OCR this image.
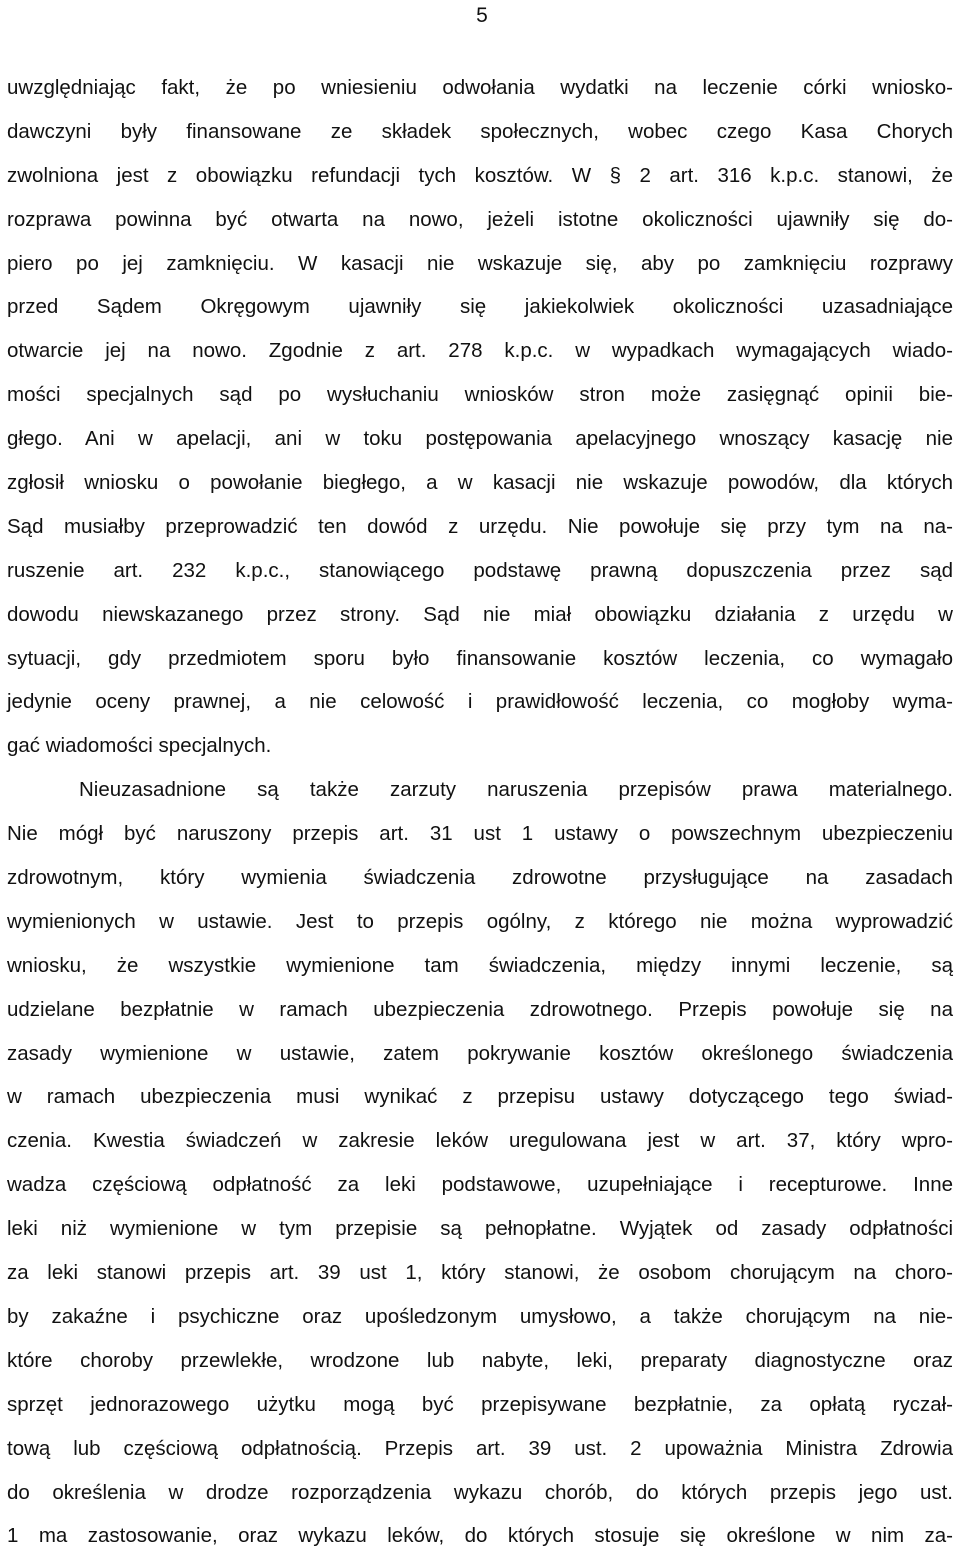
5
uwzględniając fakt, że po wniesieniu odwołania wydatki na leczenie córki wniosko-
dawczyni były finansowane ze składek społecznych, wobec czego Kasa Chorych
zwolniona jest z obowiązku refundacji tych kosztów. W § 2 art. 316 k.p.c. stanowi, że
rozprawa powinna być otwarta na nowo, jeżeli istotne okoliczności ujawniły się do-
piero po jej zamknięciu. W kasacji nie wskazuje się, aby po zamknięciu rozprawy
przed Sądem Okręgowym ujawniły się jakiekolwiek okoliczności uzasadniające
otwarcie jej na nowo. Zgodnie z art. 278 k.p.c. w wypadkach wymagających wiado-
mości specjalnych sąd po wysłuchaniu wniosków stron może zasięgnąć opinii bie-
głego. Ani w apelacji, ani w toku postępowania apelacyjnego wnoszący kasację nie
zgłosił wniosku o powołanie biegłego, a w kasacji nie wskazuje powodów, dla których
Sąd musiałby przeprowadzić ten dowód z urzędu. Nie powołuje się przy tym na na-
ruszenie art. 232 k.p.c., stanowiącego podstawę prawną dopuszczenia przez sąd
dowodu niewskazanego przez strony. Sąd nie miał obowiązku działania z urzędu w
sytuacji, gdy przedmiotem sporu było finansowanie kosztów leczenia, co wymagało
jedynie oceny prawnej, a nie celowość i prawidłowość leczenia, co mogłoby wyma-
gać wiadomości specjalnych.
Nieuzasadnione są także zarzuty naruszenia przepisów prawa materialnego.
Nie mógł być naruszony przepis art. 31 ust 1 ustawy o powszechnym ubezpieczeniu
zdrowotnym, który wymienia świadczenia zdrowotne przysługujące na zasadach
wymienionych w ustawie. Jest to przepis ogólny, z którego nie można wyprowadzić
wniosku, że wszystkie wymienione tam świadczenia, między innymi leczenie, są
udzielane bezpłatnie w ramach ubezpieczenia zdrowotnego. Przepis powołuje się na
zasady wymienione w ustawie, zatem pokrywanie kosztów określonego świadczenia
w ramach ubezpieczenia musi wynikać z przepisu ustawy dotyczącego tego świad-
czenia. Kwestia świadczeń w zakresie leków uregulowana jest w art. 37, który wpro-
wadza częściową odpłatność za leki podstawowe, uzupełniające i recepturowe. Inne
leki niż wymienione w tym przepisie są pełnopłatne. Wyjątek od zasady odpłatności
za leki stanowi przepis art. 39 ust 1, który stanowi, że osobom chorującym na choro-
by zakaźne i psychiczne oraz upośledzonym umysłowo, a także chorującym na nie-
które choroby przewlekłe, wrodzone lub nabyte, leki, preparaty diagnostyczne oraz
sprzęt jednorazowego użytku mogą być przepisywane bezpłatnie, za opłatą ryczał-
tową lub częściową odpłatnością. Przepis art. 39 ust. 2 upoważnia Ministra Zdrowia
do określenia w drodze rozporządzenia wykazu chorób, do których przepis jego ust.
1 ma zastosowanie, oraz wykazu leków, do których stosuje się określone w nim za-
